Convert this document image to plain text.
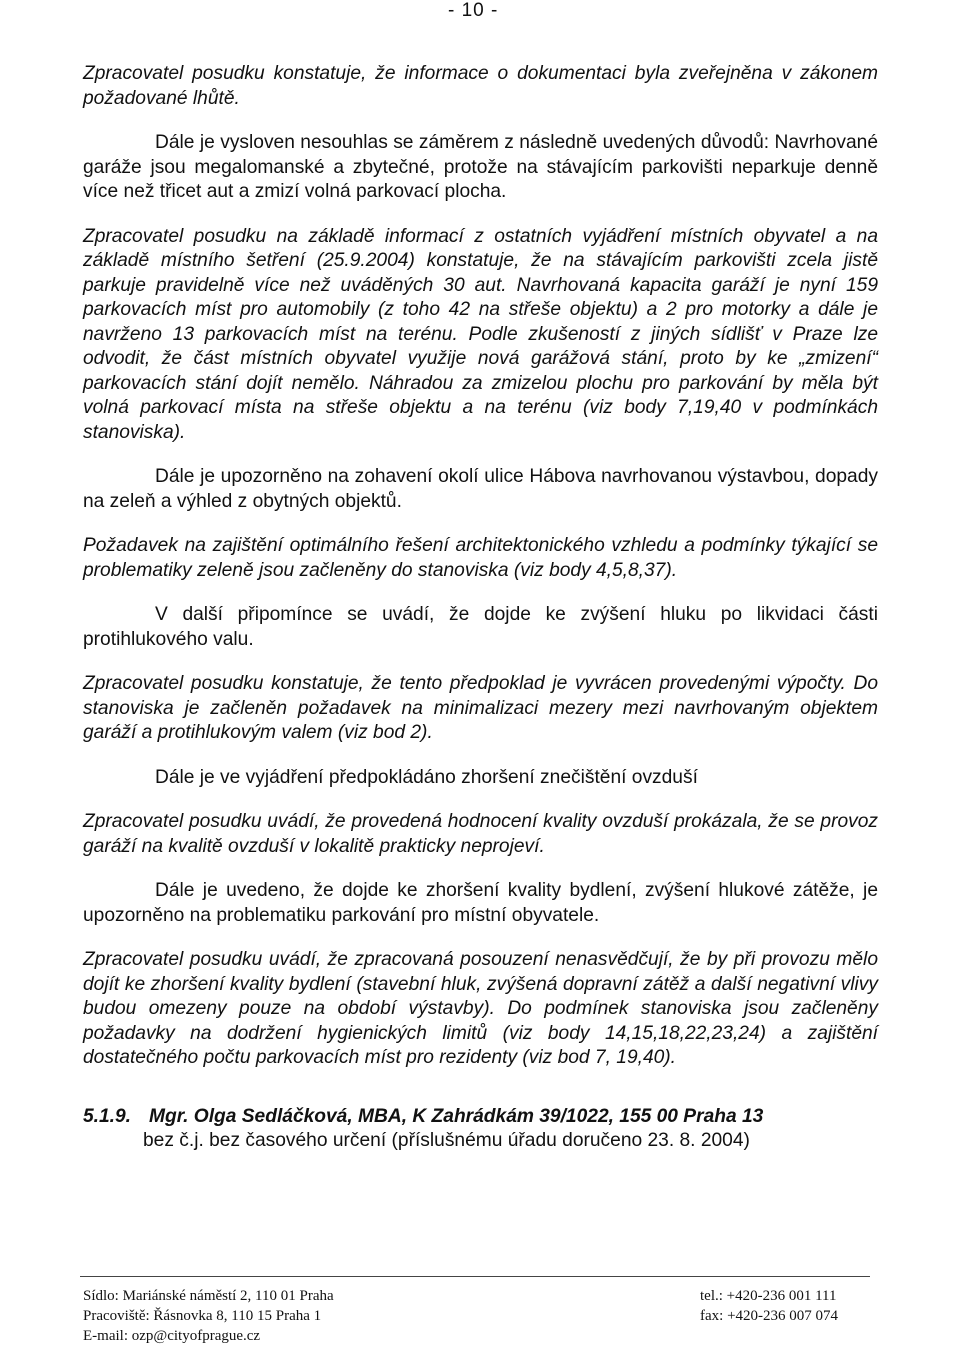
- 10 -

Zpracovatel posudku konstatuje, že informace o dokumentaci byla zveřejněna v zákonem požadované lhůtě.

Dále je vysloven nesouhlas se záměrem z následně uvedených důvodů: Navrhované garáže jsou megalomanské a zbytečné, protože na stávajícím parkovišti neparkuje denně více než třicet aut a zmizí volná parkovací plocha.

Zpracovatel posudku na základě informací z ostatních vyjádření místních obyvatel a na základě místního šetření (25.9.2004) konstatuje, že na stávajícím parkovišti zcela jistě parkuje pravidelně více než uváděných 30 aut. Navrhovaná kapacita garáží je nyní 159 parkovacích míst pro automobily (z toho 42 na střeše objektu) a 2 pro motorky a dále je navrženo 13 parkovacích míst na terénu. Podle zkušeností z jiných sídlišť v Praze lze odvodit, že část místních obyvatel využije nová garážová stání, proto by ke „zmizení“ parkovacích stání dojít nemělo. Náhradou za zmizelou plochu pro parkování by měla být volná parkovací místa na střeše objektu a na terénu (viz body 7,19,40 v podmínkách stanoviska).

Dále je upozorněno na zohavení okolí ulice Hábova navrhovanou výstavbou, dopady na zeleň a výhled z obytných objektů.

Požadavek na zajištění optimálního řešení architektonického vzhledu a podmínky týkající se problematiky zeleně jsou začleněny do stanoviska (viz body 4,5,8,37).

V další připomínce se uvádí, že dojde ke zvýšení hluku po likvidaci části protihlukového valu.

Zpracovatel posudku konstatuje, že tento předpoklad je vyvrácen provedenými výpočty. Do stanoviska je začleněn požadavek na minimalizaci mezery mezi navrhovaným objektem garáží a protihlukovým valem (viz bod 2).

Dále je ve vyjádření předpokládáno zhoršení znečištění ovzduší

Zpracovatel posudku uvádí, že provedená hodnocení kvality ovzduší prokázala, že se provoz garáží na kvalitě ovzduší v lokalitě prakticky neprojeví.

Dále je uvedeno, že dojde ke zhoršení kvality bydlení, zvýšení hlukové zátěže, je upozorněno na problematiku parkování pro místní obyvatele.

Zpracovatel posudku uvádí, že zpracovaná posouzení nenasvědčují, že by při provozu mělo dojít ke zhoršení kvality bydlení (stavební hluk, zvýšená dopravní zátěž a další negativní vlivy budou omezeny pouze na období výstavby). Do podmínek stanoviska jsou začleněny požadavky na dodržení hygienických limitů (viz body 14,15,18,22,23,24) a zajištění dostatečného počtu parkovacích míst pro rezidenty (viz bod 7, 19,40).

5.1.9. Mgr. Olga Sedláčková, MBA, K Zahrádkám 39/1022, 155 00 Praha 13
bez č.j. bez časového určení (příslušnému úřadu doručeno 23. 8. 2004)
Sídlo: Mariánské náměstí 2, 110 01 Praha
Pracoviště: Řásnovka 8, 110 15 Praha 1
E-mail: ozp@cityofprague.cz
tel.: +420-236 001 111
fax: +420-236 007 074
